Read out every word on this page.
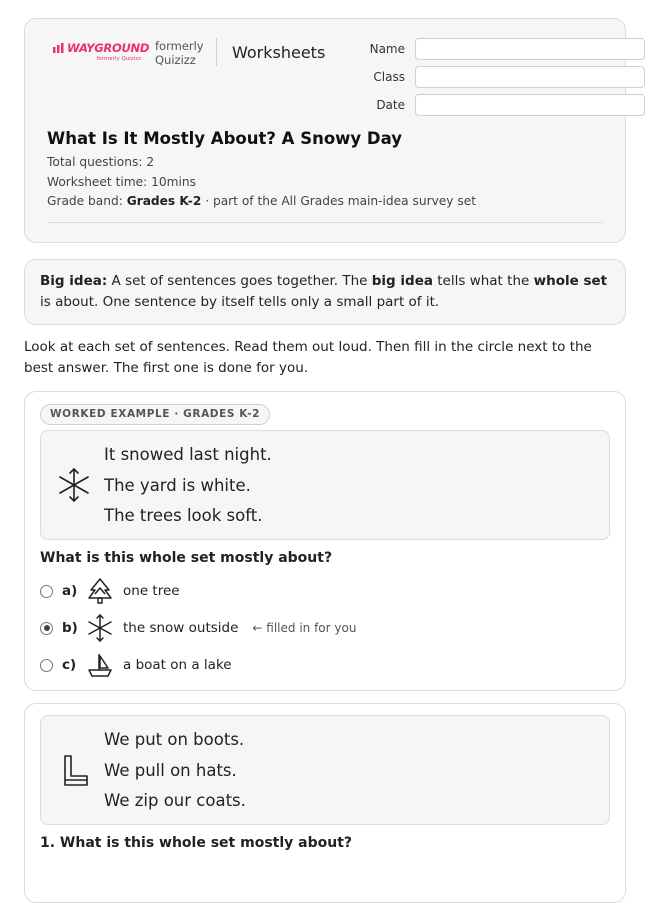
WAYGROUND
formerly Quizizz
formerly
Quizizz	Worksheets	Name
Class
Date
What Is It Mostly About? A Snowy Day
Total questions: 2
Worksheet time: 10mins
Grade band: Grades K-2 · part of the All Grades main-idea survey set
Big idea: A set of sentences goes together. The big idea tells what the whole set is about. One sentence by itself tells only a small part of it.
Look at each set of sentences. Read them out loud. Then fill in the circle next to the best answer. The first one is done for you.
WORKED EXAMPLE · GRADES K-2
It snowed last night.
The yard is white.
The trees look soft.
What is this whole set mostly about?
a)	one tree
b)	the snow outside ← filled in for you
c)	a boat on a lake
We put on boots.
We pull on hats.
We zip our coats.
1. What is this whole set mostly about?
